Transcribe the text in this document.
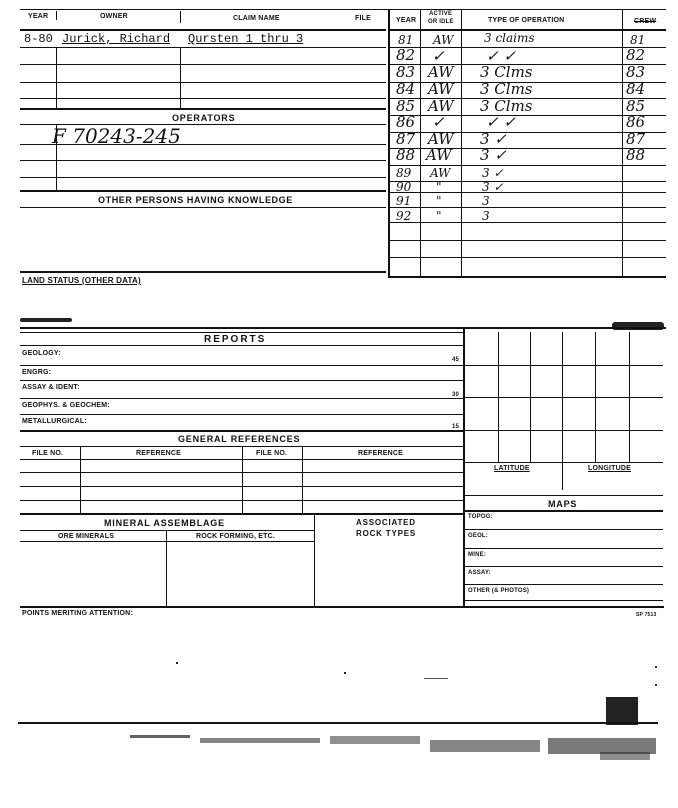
YEAR	OWNER	CLAIM NAME	FILE	YEAR
ACTIVE
OR IDLE	TYPE OF OPERATION	CREW
8-80 Jurick, Richard Qursten 1 thru 3
OPERATORS
F 70243-245
OTHER PERSONS HAVING KNOWLEDGE
LAND STATUS (OTHER DATA)
81 AW	3 claims	81
82 ✓	✓ ✓	82
83 AW 3 Clms	83
84 AW 3 Clms	84
85 AW 3 Clms	85
86 ✓	✓ ✓	86
87 AW 3 ✓	87
88 AW 3 ✓	88
89 AW	3 ✓
90 "	3 ✓
91 "	3
92 "	3
REPORTS
GEOLOGY:
45
ENGRG:
ASSAY & IDENT:
30
GEOPHYS. & GEOCHEM:
METALLURGICAL:
15
GENERAL REFERENCES
FILE NO.	REFERENCE	FILE NO.	REFERENCE
LATITUDE	LONGITUDE
MAPS
TOPOG:
GEOL:
MINE:
ASSAY:
OTHER (& PHOTOS)
MINERAL ASSEMBLAGE	ASSOCIATED
ROCK TYPES
ORE MINERALS	ROCK FORMING, ETC.
POINTS MERITING ATTENTION:	SP 7513
